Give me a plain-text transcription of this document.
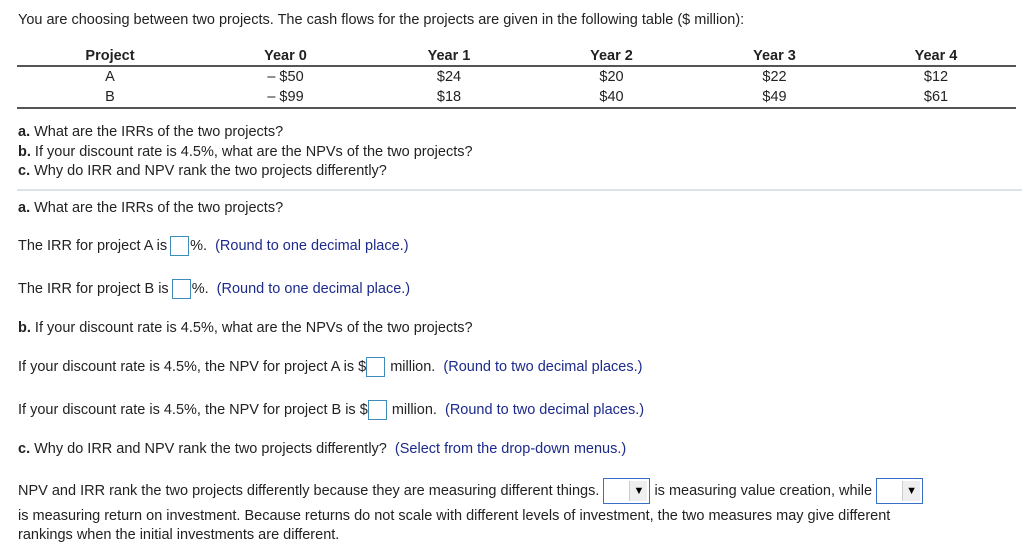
You are choosing between two projects. The cash flows for the projects are given in the following table ($ million):
Project	Year 0	Year 1	Year 2	Year 3	Year 4
A	– $50	$24	$20	$22	$12
B	– $99	$18	$40	$49	$61
a. What are the IRRs of the two projects?
b. If your discount rate is 4.5%, what are the NPVs of the two projects?
c. Why do IRR and NPV rank the two projects differently?
a. What are the IRRs of the two projects?
The IRR for project A is %. (Round to one decimal place.)
The IRR for project B is %. (Round to one decimal place.)
b. If your discount rate is 4.5%, what are the NPVs of the two projects?
If your discount rate is 4.5%, the NPV for project A is $ million. (Round to two decimal places.)
If your discount rate is 4.5%, the NPV for project B is $ million. (Round to two decimal places.)
c. Why do IRR and NPV rank the two projects differently? (Select from the drop-down menus.)
NPV and IRR rank the two projects differently because they are measuring different things.	▼ is measuring value creation, while	▼
is measuring return on investment. Because returns do not scale with different levels of investment, the two measures may give different
rankings when the initial investments are different.
